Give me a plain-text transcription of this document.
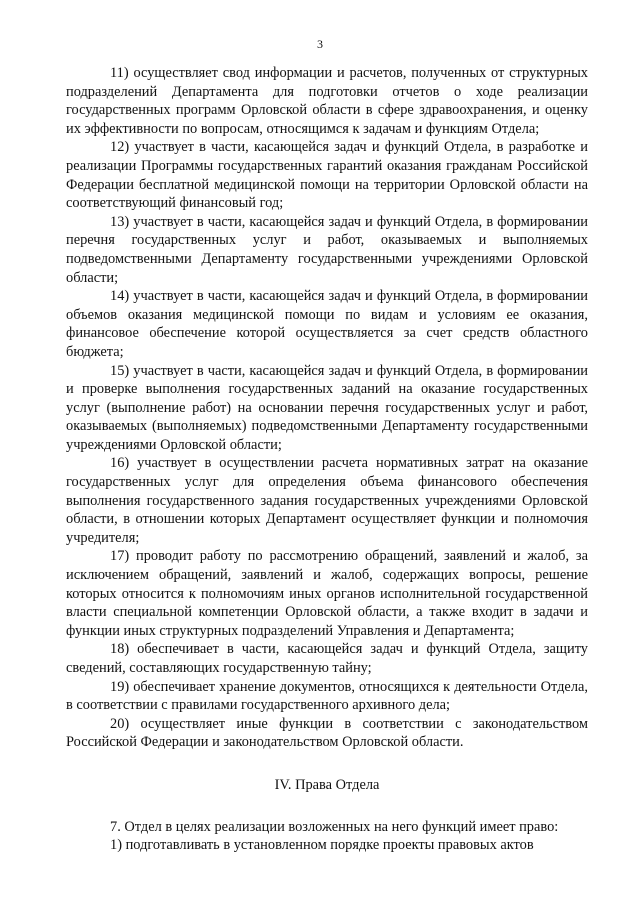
3

11) осуществляет свод информации и расчетов, полученных от структурных подразделений Департамента для подготовки отчетов о ходе реализации государственных программ Орловской области в сфере здравоохранения, и оценку их эффективности по вопросам, относящимся к задачам и функциям Отдела;

12) участвует в части, касающейся задач и функций Отдела, в разработке и реализации Программы государственных гарантий оказания гражданам Российской Федерации бесплатной медицинской помощи на территории Орловской области на соответствующий финансовый год;

13) участвует в части, касающейся задач и функций Отдела, в формировании перечня государственных услуг и работ, оказываемых и выполняемых подведомственными Департаменту государственными учреждениями Орловской области;

14) участвует в части, касающейся задач и функций Отдела, в формировании объемов оказания медицинской помощи по видам и условиям ее оказания, финансовое обеспечение которой осуществляется за счет средств областного бюджета;

15) участвует в части, касающейся задач и функций Отдела, в формировании и проверке выполнения государственных заданий на оказание государственных услуг (выполнение работ) на основании перечня государственных услуг и работ, оказываемых (выполняемых) подведомственными Департаменту государственными учреждениями Орловской области;

16) участвует в осуществлении расчета нормативных затрат на оказание государственных услуг для определения объема финансового обеспечения выполнения государственного задания государственных учреждениями Орловской области, в отношении которых Департамент осуществляет функции и полномочия учредителя;

17) проводит работу по рассмотрению обращений, заявлений и жалоб, за исключением обращений, заявлений и жалоб, содержащих вопросы, решение которых относится к полномочиям иных органов исполнительной государственной власти специальной компетенции Орловской области, а также входит в задачи и функции иных структурных подразделений Управления и Департамента;

18) обеспечивает в части, касающейся задач и функций Отдела, защиту сведений, составляющих государственную тайну;

19) обеспечивает хранение документов, относящихся к деятельности Отдела, в соответствии с правилами государственного архивного дела;

20) осуществляет иные функции в соответствии с законодательством Российской Федерации и законодательством Орловской области.

IV. Права Отдела

7. Отдел в целях реализации возложенных на него функций имеет право:

1) подготавливать в установленном порядке проекты правовых актов
